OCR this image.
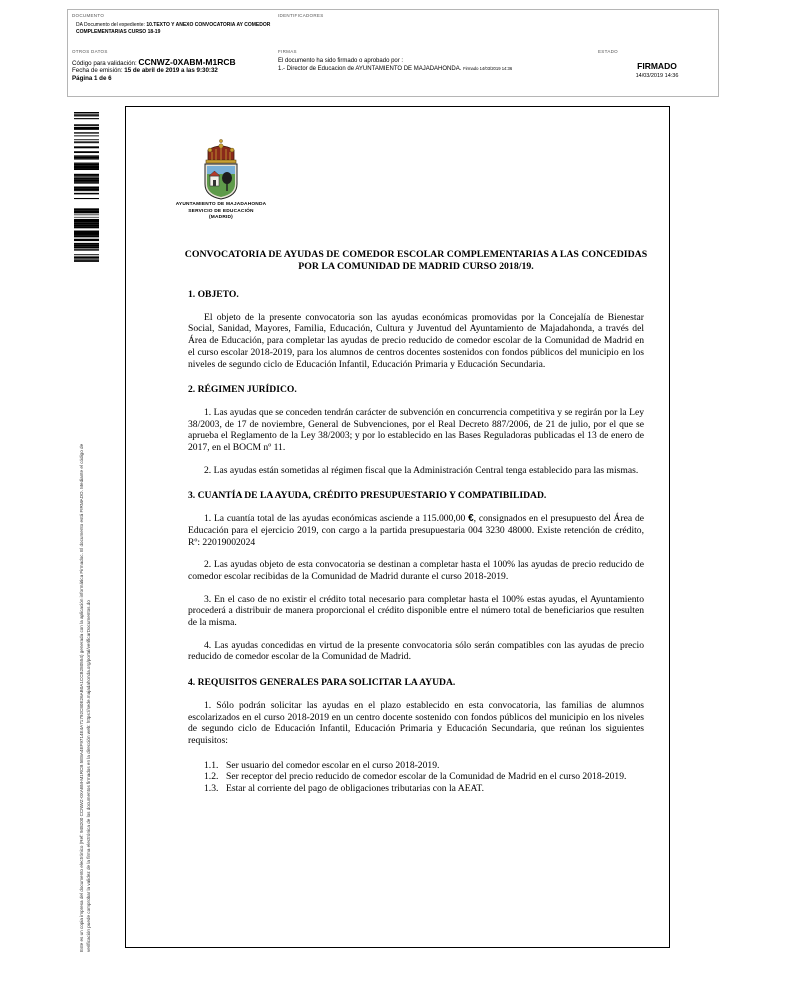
DOCUMENTO
DA Documento del expediente: 10.TEXTO Y ANEXO CONVOCATORIA AY COMEDOR COMPLEMENTARIAS CURSO 18-19
IDENTIFICADORES
OTROS DATOS
Código para validación: CCNWZ-0XABM-M1RCB
Fecha de emisión: 15 de abril de 2019 a las 9:30:32
Página 1 de 6
FIRMAS
El documento ha sido firmado o aprobado por :
1.- Director de Educacion de AYUNTAMIENTO DE MAJADAHONDA. Firmado 14/03/2019 14:36
ESTADO
FIRMADO
14/03/2019 14:36
Este es un copia impresa del documento electrónico (Ref: 948200 CCNWZ-0XABM-M1RCB 5E8A4EF9714E4A71792C80E26AB0A1CCB280554) generada con la aplicación informática Firmadoc. El documento está FIRMADO. Mediante el código de verificación puede comprobar la validez de la firma electrónica de los documentos firmados en la dirección web: https://sede.majadahonda.org/portal/verificarDocumentos.do
AYUNTAMIENTO DE MAJADAHONDA
SERVICIO DE EDUCACIÓN
(MADRID)
CONVOCATORIA DE AYUDAS DE COMEDOR ESCOLAR COMPLEMENTARIAS A LAS CONCEDIDAS POR LA COMUNIDAD DE MADRID CURSO 2018/19.
1. OBJETO.
El objeto de la presente convocatoria son las ayudas económicas promovidas por la Concejalía de Bienestar Social, Sanidad, Mayores, Familia, Educación, Cultura y Juventud del Ayuntamiento de Majadahonda, a través del Área de Educación, para completar las ayudas de precio reducido de comedor escolar de la Comunidad de Madrid en el curso escolar 2018-2019, para los alumnos de centros docentes sostenidos con fondos públicos del municipio en los niveles de segundo ciclo de Educación Infantil, Educación Primaria y Educación Secundaria.
2. RÉGIMEN JURÍDICO.
1. Las ayudas que se conceden tendrán carácter de subvención en concurrencia competitiva y se regirán por la Ley 38/2003, de 17 de noviembre, General de Subvenciones, por el Real Decreto 887/2006, de 21 de julio, por el que se aprueba el Reglamento de la Ley 38/2003; y por lo establecido en las Bases Reguladoras publicadas el 13 de enero de 2017, en el BOCM nº 11.
2. Las ayudas están sometidas al régimen fiscal que la Administración Central tenga establecido para las mismas.
3. CUANTÍA DE LA AYUDA, CRÉDITO PRESUPUESTARIO Y COMPATIBILIDAD.
1. La cuantía total de las ayudas económicas asciende a 115.000,00 €, consignados en el presupuesto del Área de Educación para el ejercicio 2019, con cargo a la partida presupuestaria 004 3230 48000. Existe retención de crédito, Rº: 22019002024
2. Las ayudas objeto de esta convocatoria se destinan a completar hasta el 100% las ayudas de precio reducido de comedor escolar recibidas de la Comunidad de Madrid durante el curso 2018-2019.
3. En el caso de no existir el crédito total necesario para completar hasta el 100% estas ayudas, el Ayuntamiento procederá a distribuir de manera proporcional el crédito disponible entre el número total de beneficiarios que resulten de la misma.
4. Las ayudas concedidas en virtud de la presente convocatoria sólo serán compatibles con las ayudas de precio reducido de comedor escolar de la Comunidad de Madrid.
4. REQUISITOS GENERALES PARA SOLICITAR LA AYUDA.
1. Sólo podrán solicitar las ayudas en el plazo establecido en esta convocatoria, las familias de alumnos escolarizados en el curso 2018-2019 en un centro docente sostenido con fondos públicos del municipio en los niveles de segundo ciclo de Educación Infantil, Educación Primaria y Educación Secundaria, que reúnan los siguientes requisitos:
1.1. Ser usuario del comedor escolar en el curso 2018-2019.
1.2. Ser receptor del precio reducido de comedor escolar de la Comunidad de Madrid en el curso 2018-2019.
1.3. Estar al corriente del pago de obligaciones tributarias con la AEAT.
